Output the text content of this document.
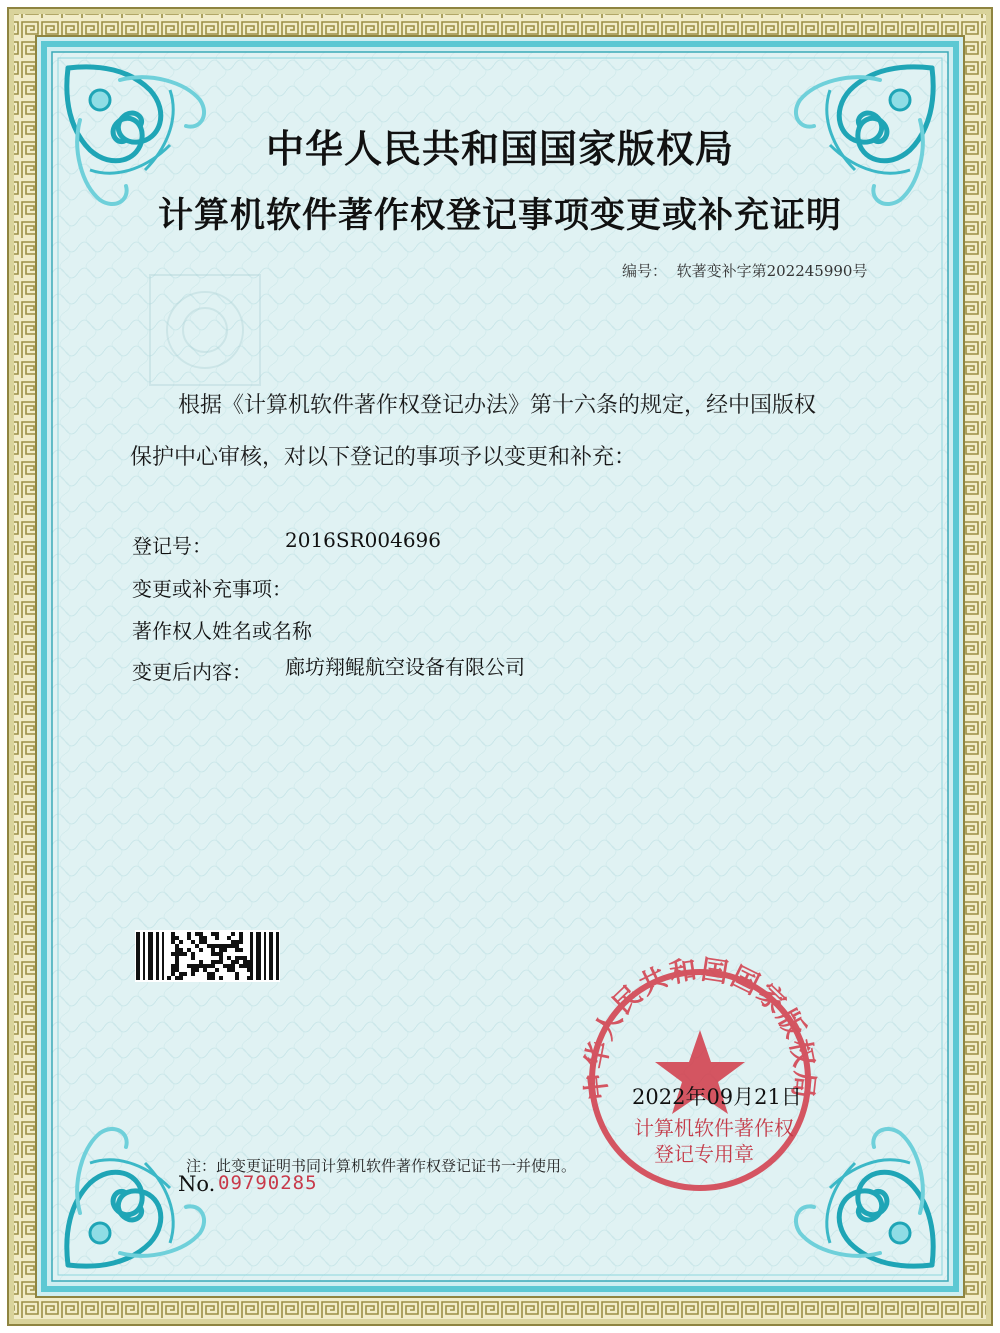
中华人民共和国国家版权局
中华人民共和国国家版权局
计算机软件著作权登记事项变更或补充证明
编号： 软著变补字第202245990号
根据《计算机软件著作权登记办法》第十六条的规定，经中国版权
保护中心审核，对以下登记的事项予以变更和补充：
登记号：	2016SR004696
变更或补充事项：
著作权人姓名或名称
变更后内容： 廊坊翔鲲航空设备有限公司
2022年09月21日
计算机软件著作权
登记专用章
注：此变更证明书同计算机软件著作权登记证书一并使用。
No. 09790285
